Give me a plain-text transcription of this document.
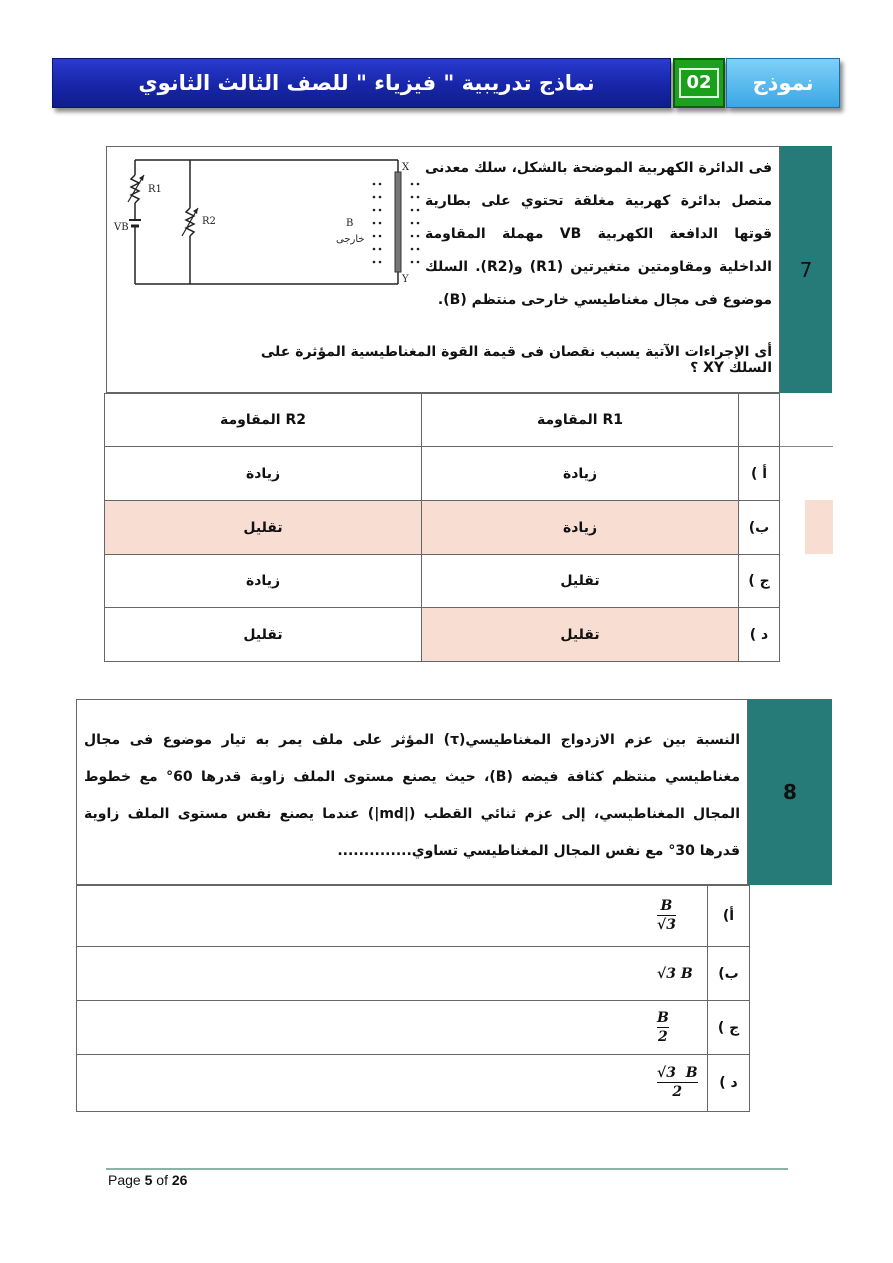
نماذج تدريبية " فيزياء " للصف الثالث الثانوي	02	نموذج
7
فى الدائرة الكهربية الموضحة بالشكل، سلك معدنى متصل بدائرة كهربية مغلقة تحتوي على بطارية قوتها الدافعة الكهربية VB مهملة المقاومة الداخلية ومقاومتين متغيرتين (R1) و(R2). السلك موضوع فى مجال مغناطيسي خارحى منتظم (B).
أى الإجراءات الآتية يسبب نقصان فى قيمة القوة المغناطيسية المؤثرة على السلك XY ؟
R1
R2
VB
X
Y
B
خارجى
المقاومة R2	المقاومة R1	
زيادة	زيادة	أ )
تقليل	زيادة	ب)
زيادة	تقليل	ج )
تقليل	تقليل	د )
8
النسبة بين عزم الازدواج المغناطيسي(τ) المؤثر على ملف يمر به تيار موضوع فى مجال مغناطيسي منتظم كثافة فيضه (B)، حيث يصنع مستوى الملف زاوية قدرها 60° مع خطوط المجال المغناطيسي، إلى عزم ثنائي القطب (|md|) عندما يصنع نفس مستوى الملف زاوية قدرها 30° مع نفس المجال المغناطيسي تساوي..............
$\frac{B}{√3}$	أ)
√3 B	ب)

$\frac{B}{2}$	ج )

$\frac{√3 B}{2}$	د )
Page 5 of 26
